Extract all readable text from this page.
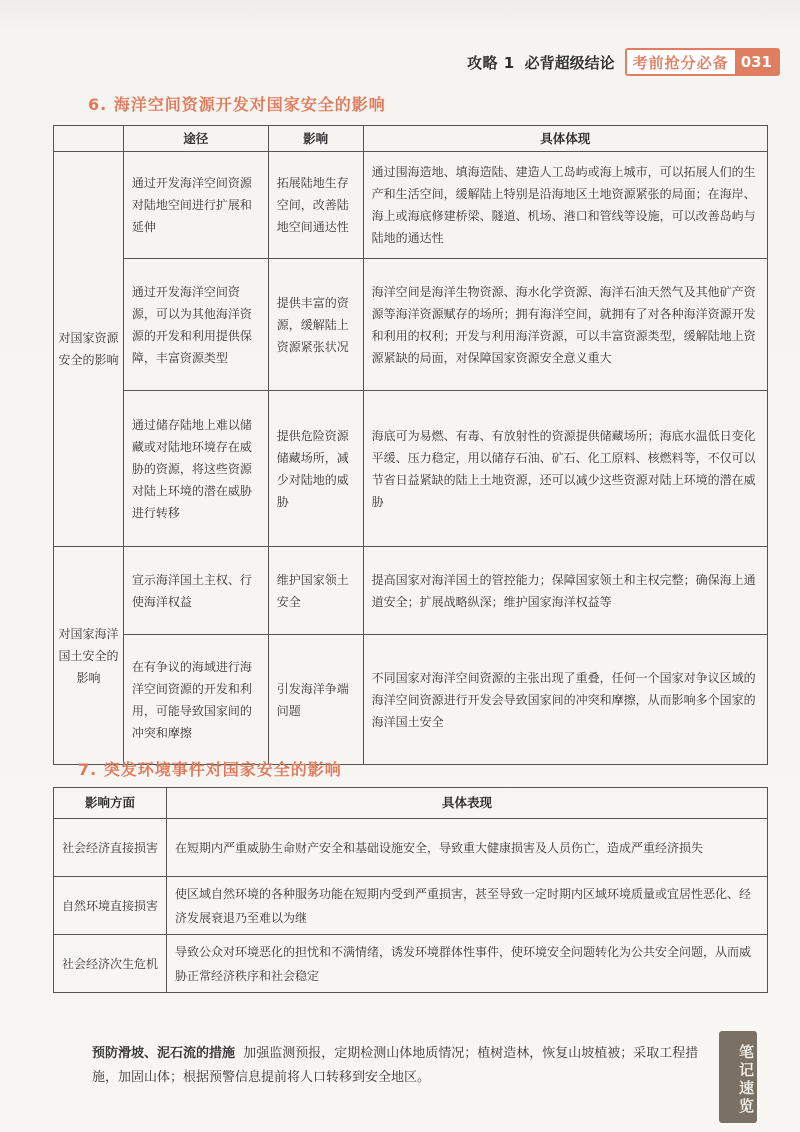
攻略 1 必背超级结论	考前抢分必备 031
6. 海洋空间资源开发对国家安全的影响
	途径	影响	具体体现
对国家资源安全的影响	通过开发海洋空间资源对陆地空间进行扩展和延伸	拓展陆地生存空间，改善陆地空间通达性	通过围海造地、填海造陆、建造人工岛屿或海上城市，可以拓展人们的生产和生活空间，缓解陆上特别是沿海地区土地资源紧张的局面；在海岸、海上或海底修建桥梁、隧道、机场、港口和管线等设施，可以改善岛屿与陆地的通达性
	通过开发海洋空间资源，可以为其他海洋资源的开发和利用提供保障，丰富资源类型	提供丰富的资源，缓解陆上资源紧张状况	海洋空间是海洋生物资源、海水化学资源、海洋石油天然气及其他矿产资源等海洋资源赋存的场所；拥有海洋空间，就拥有了对各种海洋资源开发和利用的权利；开发与利用海洋资源，可以丰富资源类型，缓解陆地上资源紧缺的局面，对保障国家资源安全意义重大
	通过储存陆地上难以储藏或对陆地环境存在威胁的资源，将这些资源对陆上环境的潜在威胁进行转移	提供危险资源储藏场所，减少对陆地的威胁	海底可为易燃、有毒、有放射性的资源提供储藏场所；海底水温低日变化平缓、压力稳定，用以储存石油、矿石、化工原料、核燃料等，不仅可以节省日益紧缺的陆上土地资源，还可以减少这些资源对陆上环境的潜在威胁
对国家海洋国土安全的影响	宣示海洋国土主权、行使海洋权益	维护国家领土安全	提高国家对海洋国土的管控能力；保障国家领土和主权完整；确保海上通道安全；扩展战略纵深；维护国家海洋权益等
	在有争议的海域进行海洋空间资源的开发和利用，可能导致国家间的冲突和摩擦	引发海洋争端问题	不同国家对海洋空间资源的主张出现了重叠，任何一个国家对争议区域的海洋空间资源进行开发会导致国家间的冲突和摩擦，从而影响多个国家的海洋国土安全
7. 突发环境事件对国家安全的影响
影响方面	具体表现
社会经济直接损害	在短期内严重威胁生命财产安全和基础设施安全，导致重大健康损害及人员伤亡，造成严重经济损失
自然环境直接损害	使区域自然环境的各种服务功能在短期内受到严重损害，甚至导致一定时期内区域环境质量或宜居性恶化、经济发展衰退乃至难以为继
社会经济次生危机	导致公众对环境恶化的担忧和不满情绪，诱发环境群体性事件，使环境安全问题转化为公共安全问题，从而威胁正常经济秩序和社会稳定
预防滑坡、泥石流的措施 加强监测预报，定期检测山体地质情况；植树造林，恢复山坡植被；采取工程措施，加固山体；根据预警信息提前将人口转移到安全地区。	笔记速览
